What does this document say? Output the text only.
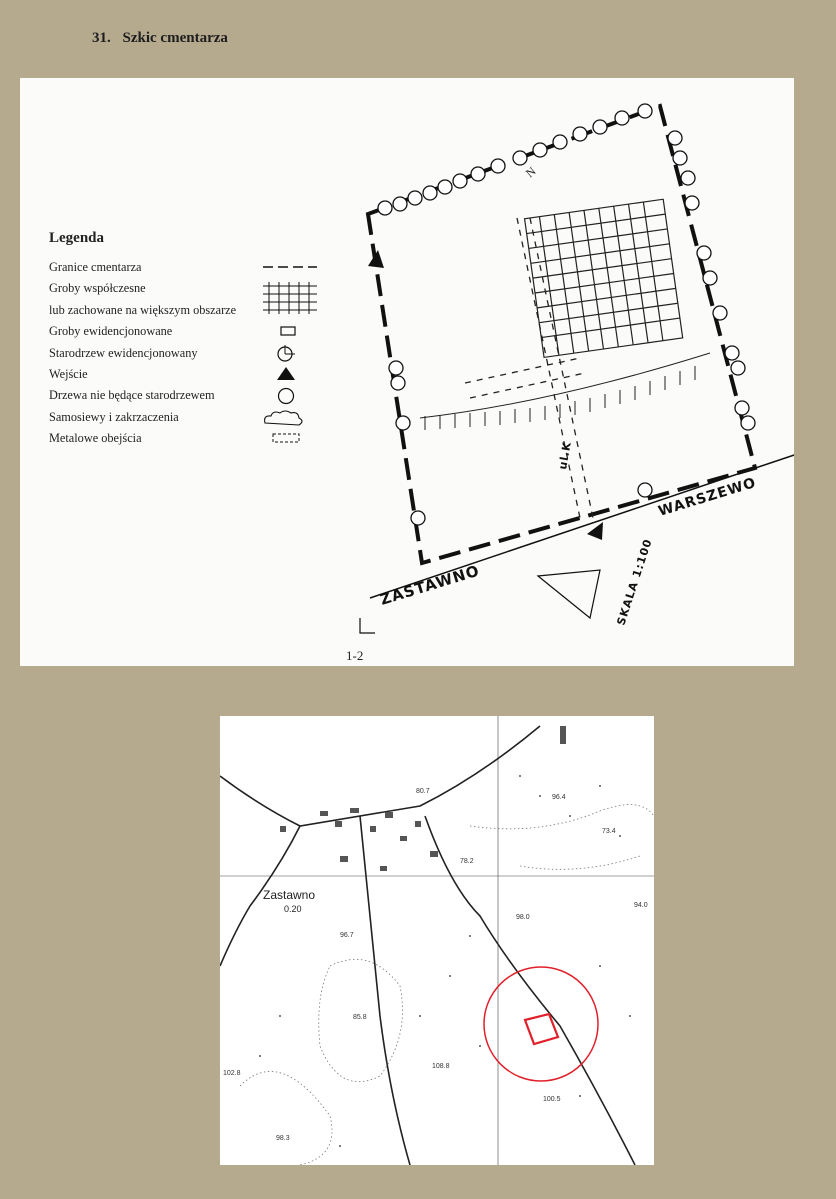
31. Szkic cmentarza
ZASTAWNO
WARSZEWO
ul.K
SKALA 1:100
1-2
N
Legenda
Granice cmentarza
Groby współczesne
lub zachowane na większym obszarze
Groby ewidencjonowane
Starodrzew ewidencjonowany
Wejście
Drzewa nie będące starodrzewem
Samosiewy i zakrzaczenia
Metalowe obejścia
Zastawno
0.20
80.7
96.4
73.4
78.2
98.0
94.0
96.7
85.8
108.8
100.5
102.8
98.3
